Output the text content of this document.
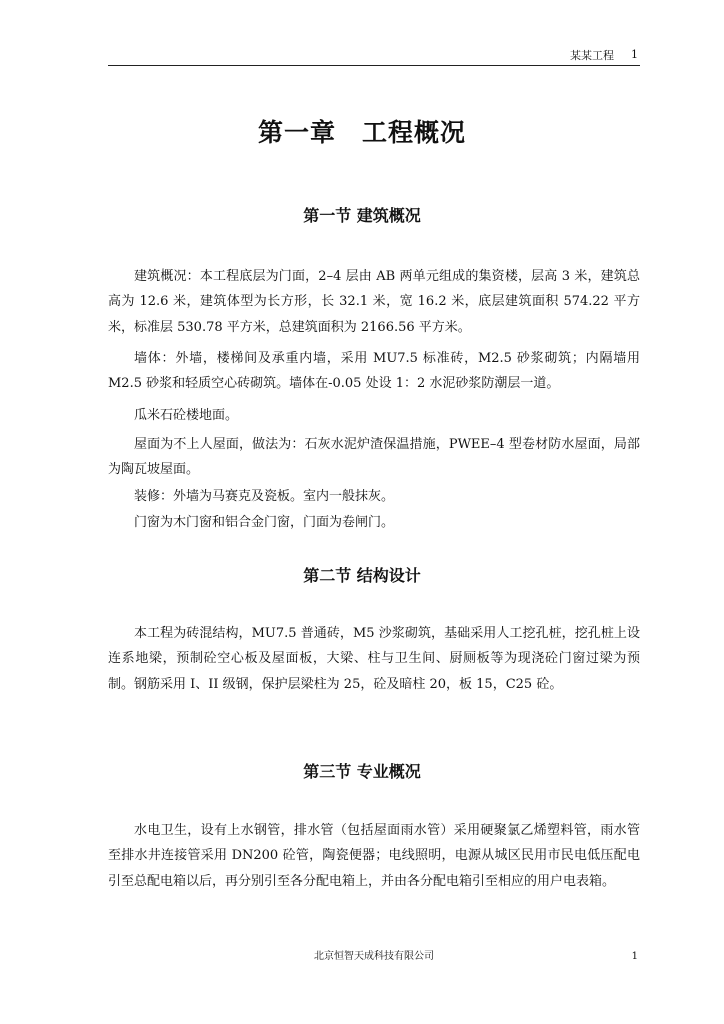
某某工程 1
第一章　工程概况
第一节 建筑概况

建筑概况：本工程底层为门面，2–4 层由 AB 两单元组成的集资楼，层高 3 米，建筑总高为 12.6 米，建筑体型为长方形，长 32.1 米，宽 16.2 米，底层建筑面积 574.22 平方米，标准层 530.78 平方米，总建筑面积为 2166.56 平方米。

墙体：外墙，楼梯间及承重内墙，采用 MU7.5 标准砖，M2.5 砂浆砌筑；内隔墙用 M2.5 砂浆和轻质空心砖砌筑。墙体在-0.05 处设 1：2 水泥砂浆防潮层一道。

瓜米石砼楼地面。

屋面为不上人屋面，做法为：石灰水泥炉渣保温措施，PWEE–4 型卷材防水屋面，局部为陶瓦坡屋面。

装修：外墙为马赛克及瓷板。室内一般抹灰。

门窗为木门窗和铝合金门窗，门面为卷闸门。

第二节 结构设计

本工程为砖混结构，MU7.5 普通砖，M5 沙浆砌筑，基础采用人工挖孔桩，挖孔桩上设连系地梁，预制砼空心板及屋面板，大梁、柱与卫生间、厨厕板等为现浇砼门窗过梁为预制。钢筋采用 I、II 级钢，保护层梁柱为 25，砼及暗柱 20，板 15，C25 砼。

第三节 专业概况

水电卫生，设有上水钢管，排水管（包括屋面雨水管）采用硬聚氯乙烯塑料管，雨水管至排水井连接管采用 DN200 砼管，陶瓷便器；电线照明，电源从城区民用市民电低压配电引至总配电箱以后，再分别引至各分配电箱上，并由各分配电箱引至相应的用户电表箱。

北京恒智天成科技有限公司	1
